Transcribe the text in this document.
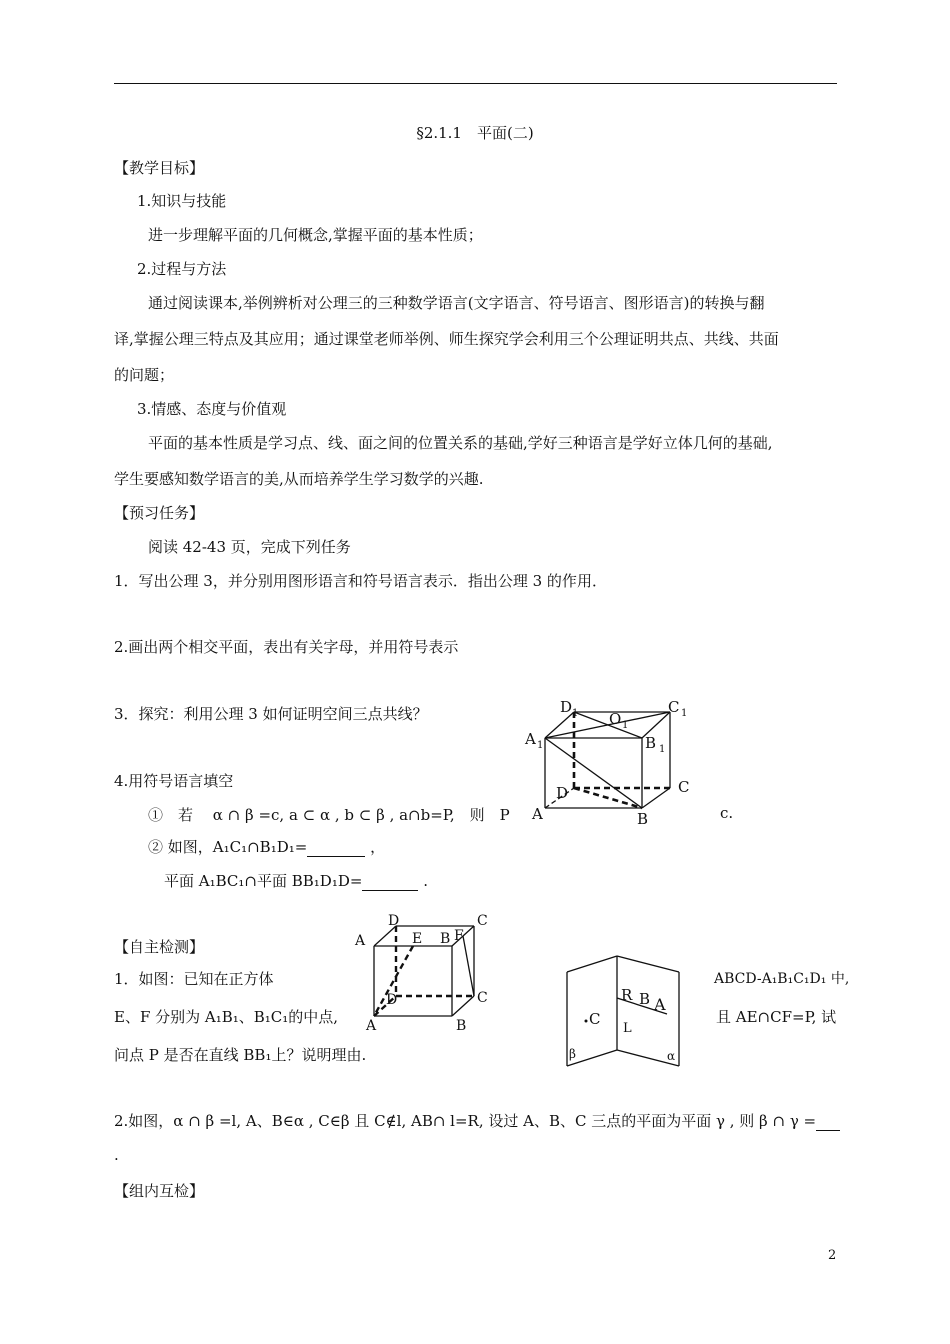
§2.1.1　平面(二)
【教学目标】
1.知识与技能
进一步理解平面的几何概念,掌握平面的基本性质；
2.过程与方法
通过阅读课本,举例辨析对公理三的三种数学语言(文字语言、符号语言、图形语言)的转换与翻
译,掌握公理三特点及其应用；通过课堂老师举例、师生探究学会利用三个公理证明共点、共线、共面
的问题；
3.情感、态度与价值观
平面的基本性质是学习点、线、面之间的位置关系的基础,学好三种语言是学好立体几何的基础,
学生要感知数学语言的美,从而培养学生学习数学的兴趣.
【预习任务】
阅读 42-43 页，完成下列任务
1．写出公理 3，并分别用图形语言和符号语言表示．指出公理 3 的作用．
2.画出两个相交平面，表出有关字母，并用符号表示
3．探究：利用公理 3 如何证明空间三点共线？
4.用符号语言填空
①　若　 α ∩ β =c, a ⊂ α , b ⊂ β , a∩b=P,　则　P	c.
② 如图，A₁C₁∩B₁D₁=	，
平面 A₁BC₁∩平面 BB₁D₁D=	.
D 1 O 1
C 1
A 1	B 1
D	C
A	B
【自主检测】
1．如图：已知在正方体	ABCD-A₁B₁C₁D₁ 中,
E、F 分别为 A₁B₁、B₁C₁的中点,	且 AE∩CF=P, 试
问点 P 是否在直线 BB₁上？说明理由.
D
A	E B F
C
D	C
A	B
R B A
C
L
β	α
2.如图，α ∩ β =l, A、B∈α , C∈β 且 C∉l, AB∩ l=R, 设过 A、B、C 三点的平面为平面 γ , 则 β ∩ γ =
.
【组内互检】
2
